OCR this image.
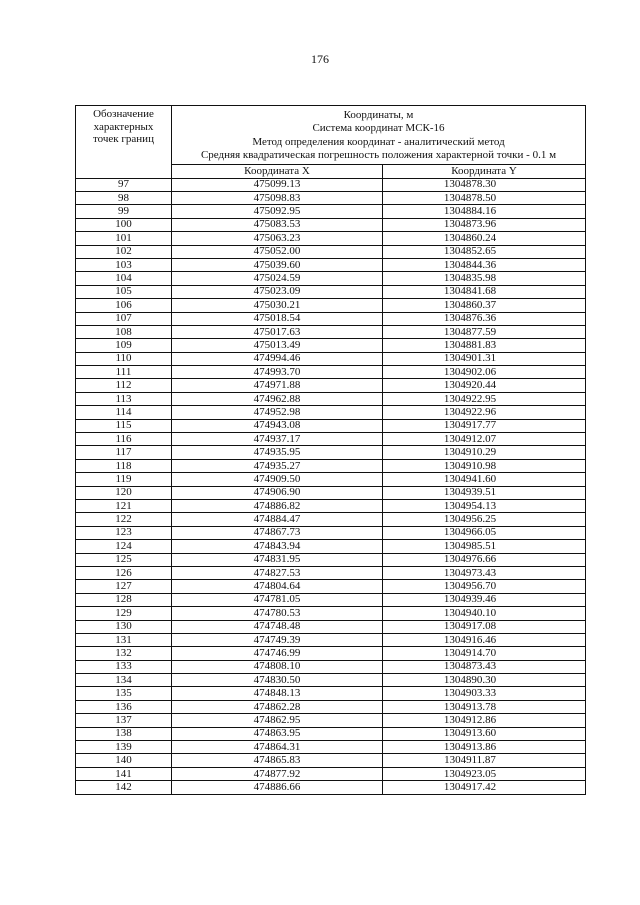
176
Обозначение
характерных
точек границ	Координаты, м
Система координат МСК-16
Метод определения координат - аналитический метод
Средняя квадратическая погрешность положения характерной точки - 0.1 м	

	Координата X	Координата Y
97	475099.13	1304878.30
98	475098.83	1304878.50
99	475092.95	1304884.16
100	475083.53	1304873.96
101	475063.23	1304860.24
102	475052.00	1304852.65
103	475039.60	1304844.36
104	475024.59	1304835.98
105	475023.09	1304841.68
106	475030.21	1304860.37
107	475018.54	1304876.36
108	475017.63	1304877.59
109	475013.49	1304881.83
110	474994.46	1304901.31
111	474993.70	1304902.06
112	474971.88	1304920.44
113	474962.88	1304922.95
114	474952.98	1304922.96
115	474943.08	1304917.77
116	474937.17	1304912.07
117	474935.95	1304910.29
118	474935.27	1304910.98
119	474909.50	1304941.60
120	474906.90	1304939.51
121	474886.82	1304954.13
122	474884.47	1304956.25
123	474867.73	1304966.05
124	474843.94	1304985.51
125	474831.95	1304976.66
126	474827.53	1304973.43
127	474804.64	1304956.70
128	474781.05	1304939.46
129	474780.53	1304940.10
130	474748.48	1304917.08
131	474749.39	1304916.46
132	474746.99	1304914.70
133	474808.10	1304873.43
134	474830.50	1304890.30
135	474848.13	1304903.33
136	474862.28	1304913.78
137	474862.95	1304912.86
138	474863.95	1304913.60
139	474864.31	1304913.86
140	474865.83	1304911.87
141	474877.92	1304923.05
142	474886.66	1304917.42
